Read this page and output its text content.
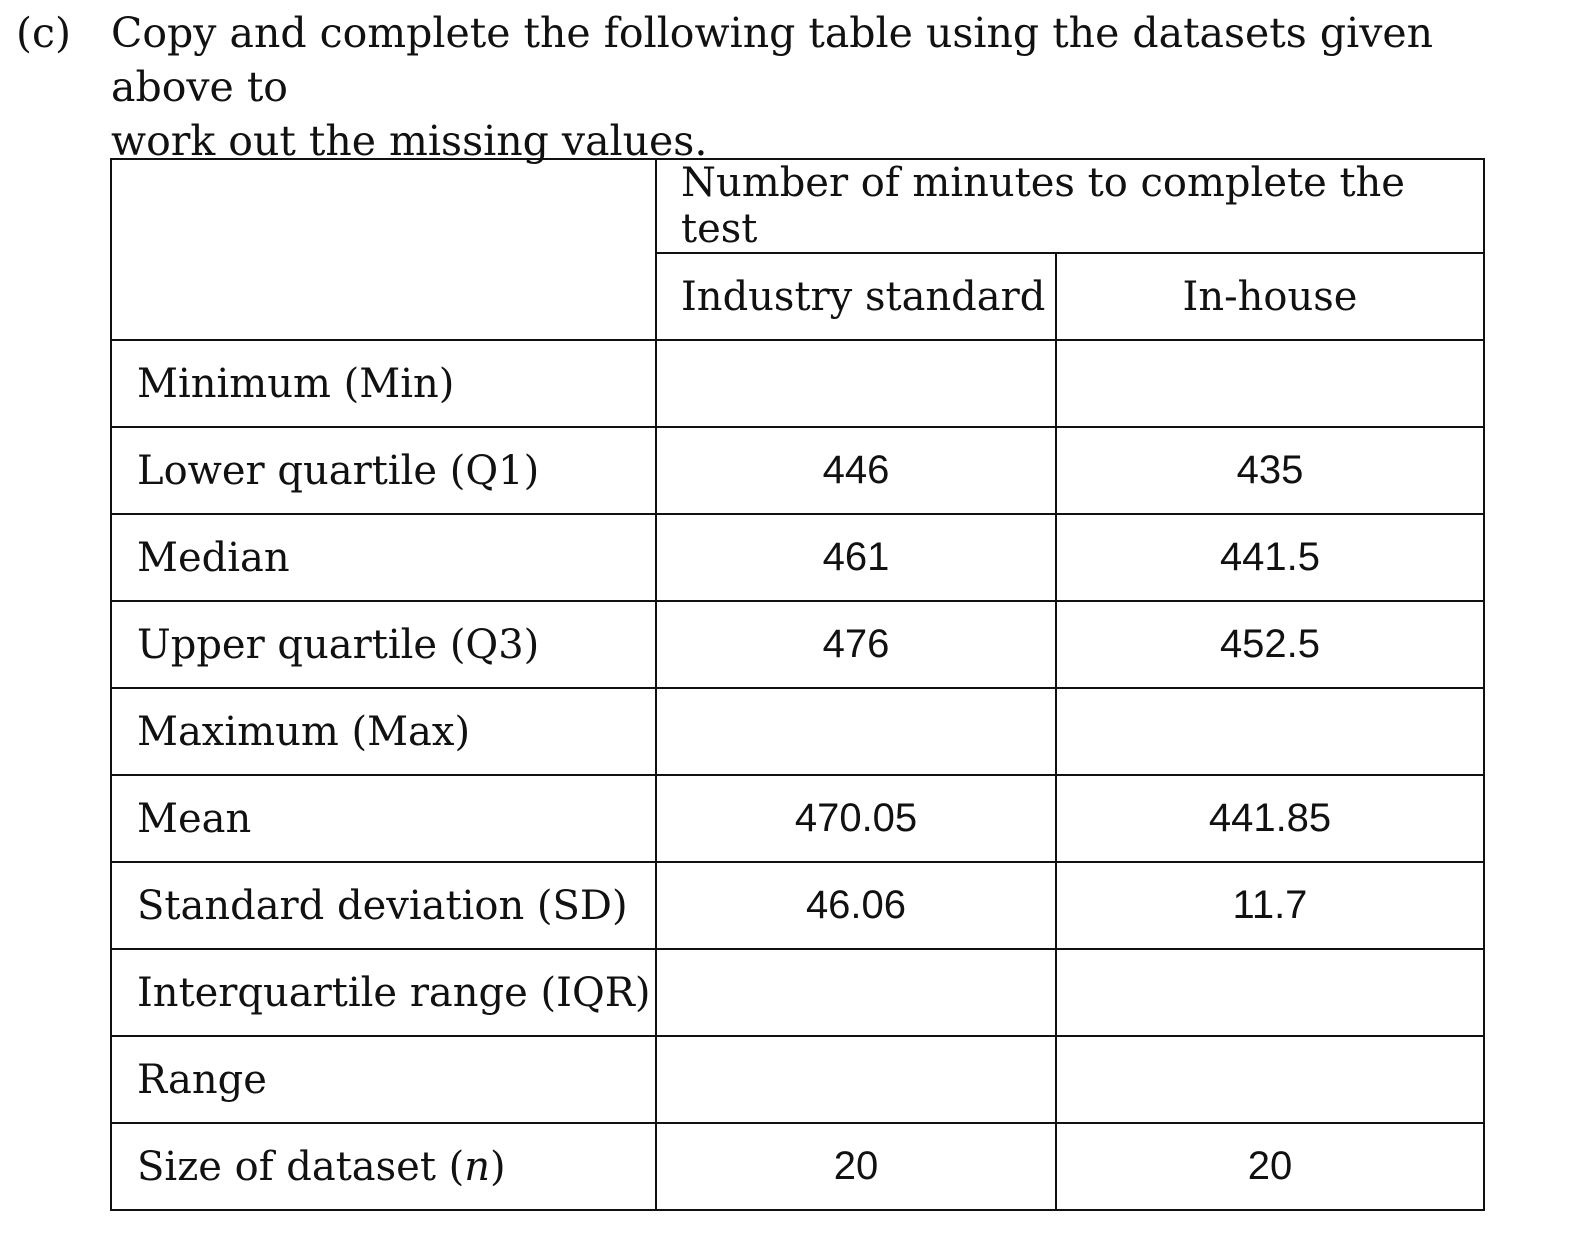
(c) Copy and complete the following table using the datasets given above to
work out the missing values.
	Number of minutes to complete the test	
	Industry standard	In-house
Minimum (Min)		
Lower quartile (Q1)	446	435
Median	461	441.5
Upper quartile (Q3)	476	452.5
Maximum (Max)		
Mean	470.05	441.85
Standard deviation (SD)	46.06	11.7
Interquartile range (IQR)		
Range		
Size of dataset (n)	20	20
